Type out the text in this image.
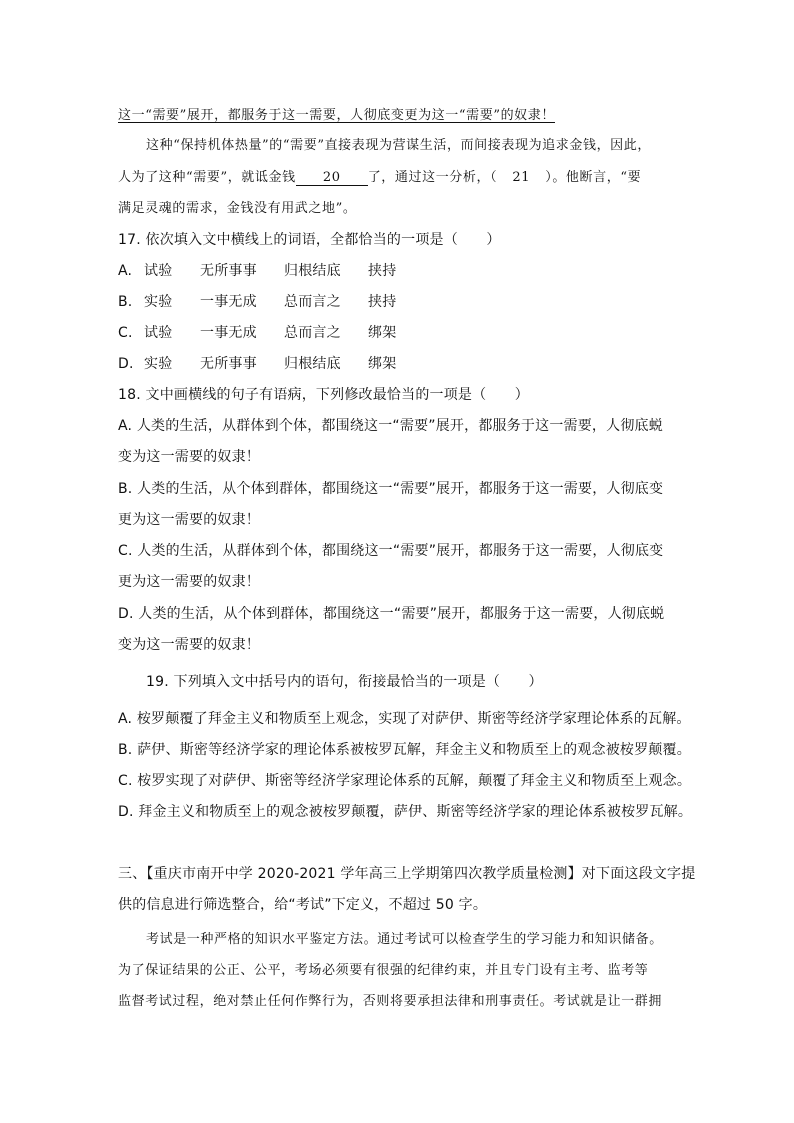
这一“需要”展开，都服务于这一需要，人彻底变更为这一“需要”的奴隶！
这种“保持机体热量”的“需要”直接表现为营谋生活，而间接表现为追求金钱，因此，
人为了这种“需要”，就诋金钱 20 了，通过这一分析，（ 21 ）。他断言，“要
满足灵魂的需求，金钱没有用武之地”。
17. 依次填入文中横线上的词语，全都恰当的一项是（　　）
A. 试验 无所事事 归根结底 挟持
B. 实验 一事无成 总而言之 挟持
C. 试验 一事无成 总而言之 绑架
D. 实验 无所事事 归根结底 绑架
18. 文中画横线的句子有语病，下列修改最恰当的一项是（　　）
A. 人类的生活，从群体到个体，都围绕这一“需要”展开，都服务于这一需要，人彻底蜕
变为这一需要的奴隶！
B. 人类的生活，从个体到群体，都围绕这一“需要”展开，都服务于这一需要，人彻底变
更为这一需要的奴隶！
C. 人类的生活，从群体到个体，都围绕这一“需要”展开，都服务于这一需要，人彻底变
更为这一需要的奴隶！
D. 人类的生活，从个体到群体，都围绕这一“需要”展开，都服务于这一需要，人彻底蜕
变为这一需要的奴隶！
19. 下列填入文中括号内的语句，衔接最恰当的一项是（　　）
A. 桉罗颠覆了拜金主义和物质至上观念，实现了对萨伊、斯密等经济学家理论体系的瓦解。
B. 萨伊、斯密等经济学家的理论体系被桉罗瓦解，拜金主义和物质至上的观念被桉罗颠覆。
C. 桉罗实现了对萨伊、斯密等经济学家理论体系的瓦解，颠覆了拜金主义和物质至上观念。
D. 拜金主义和物质至上的观念被桉罗颠覆，萨伊、斯密等经济学家的理论体系被桉罗瓦解。
三、【重庆市南开中学 2020-2021 学年高三上学期第四次教学质量检测】对下面这段文字提
供的信息进行筛选整合，给“考试”下定义，不超过 50 字。
考试是一种严格的知识水平鉴定方法。通过考试可以检查学生的学习能力和知识储备。
为了保证结果的公正、公平，考场必须要有很强的纪律约束，并且专门设有主考、监考等
监督考试过程，绝对禁止任何作弊行为，否则将要承担法律和刑事责任。考试就是让一群拥
